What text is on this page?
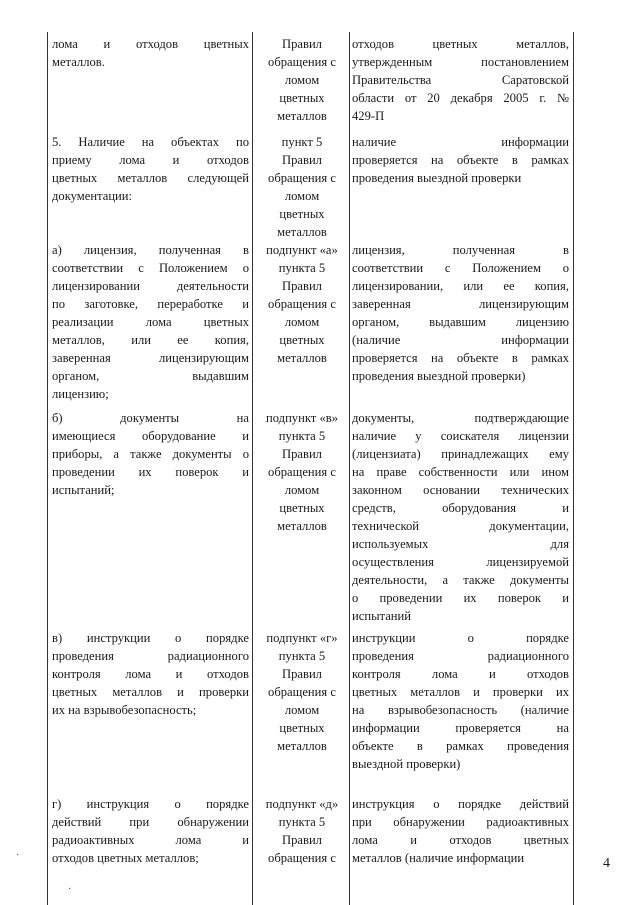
лома и отходов цветных
металлов.
Правил
обращения с
ломом
цветных
металлов
отходов цветных металлов,
утвержденным постановлением
Правительства Саратовской
области от 20 декабря 2005 г. №
429-П
5. Наличие на объектах по
приему лома и отходов
цветных металлов следующей
документации:
пункт 5
Правил
обращения с
ломом
цветных
металлов
наличие информации
проверяется на объекте в рамках
проведения выездной проверки
а) лицензия, полученная в
соответствии с Положением о
лицензировании деятельности
по заготовке, переработке и
реализации лома цветных
металлов, или ее копия,
заверенная лицензирующим
органом, выдавшим
лицензию;
подпункт «а»
пункта 5
Правил
обращения с
ломом
цветных
металлов
лицензия, полученная в
соответствии с Положением о
лицензировании, или ее копия,
заверенная лицензирующим
органом, выдавшим лицензию
(наличие информации
проверяется на объекте в рамках
проведения выездной проверки)
б) документы на
имеющиеся оборудование и
приборы, а также документы о
проведении их поверок и
испытаний;
подпункт «в»
пункта 5
Правил
обращения с
ломом
цветных
металлов
документы, подтверждающие
наличие у соискателя лицензии
(лицензиата) принадлежащих ему
на праве собственности или ином
законном основании технических
средств, оборудования и
технической документации,
используемых для
осуществления лицензируемой
деятельности, а также документы
о проведении их поверок и
испытаний
в) инструкции о порядке
проведения радиационного
контроля лома и отходов
цветных металлов и проверки
их на взрывобезопасность;
подпункт «г»
пункта 5
Правил
обращения с
ломом
цветных
металлов
инструкции о порядке
проведения радиационного
контроля лома и отходов
цветных металлов и проверки их
на взрывобезопасность (наличие
информации проверяется на
объекте в рамках проведения
выездной проверки)
г) инструкция о порядке
действий при обнаружении
радиоактивных лома и
отходов цветных металлов;
подпункт «д»
пункта 5
Правил
обращения с
инструкция о порядке действий
при обнаружении радиоактивных
лома и отходов цветных
металлов (наличие информации
·
·
4
